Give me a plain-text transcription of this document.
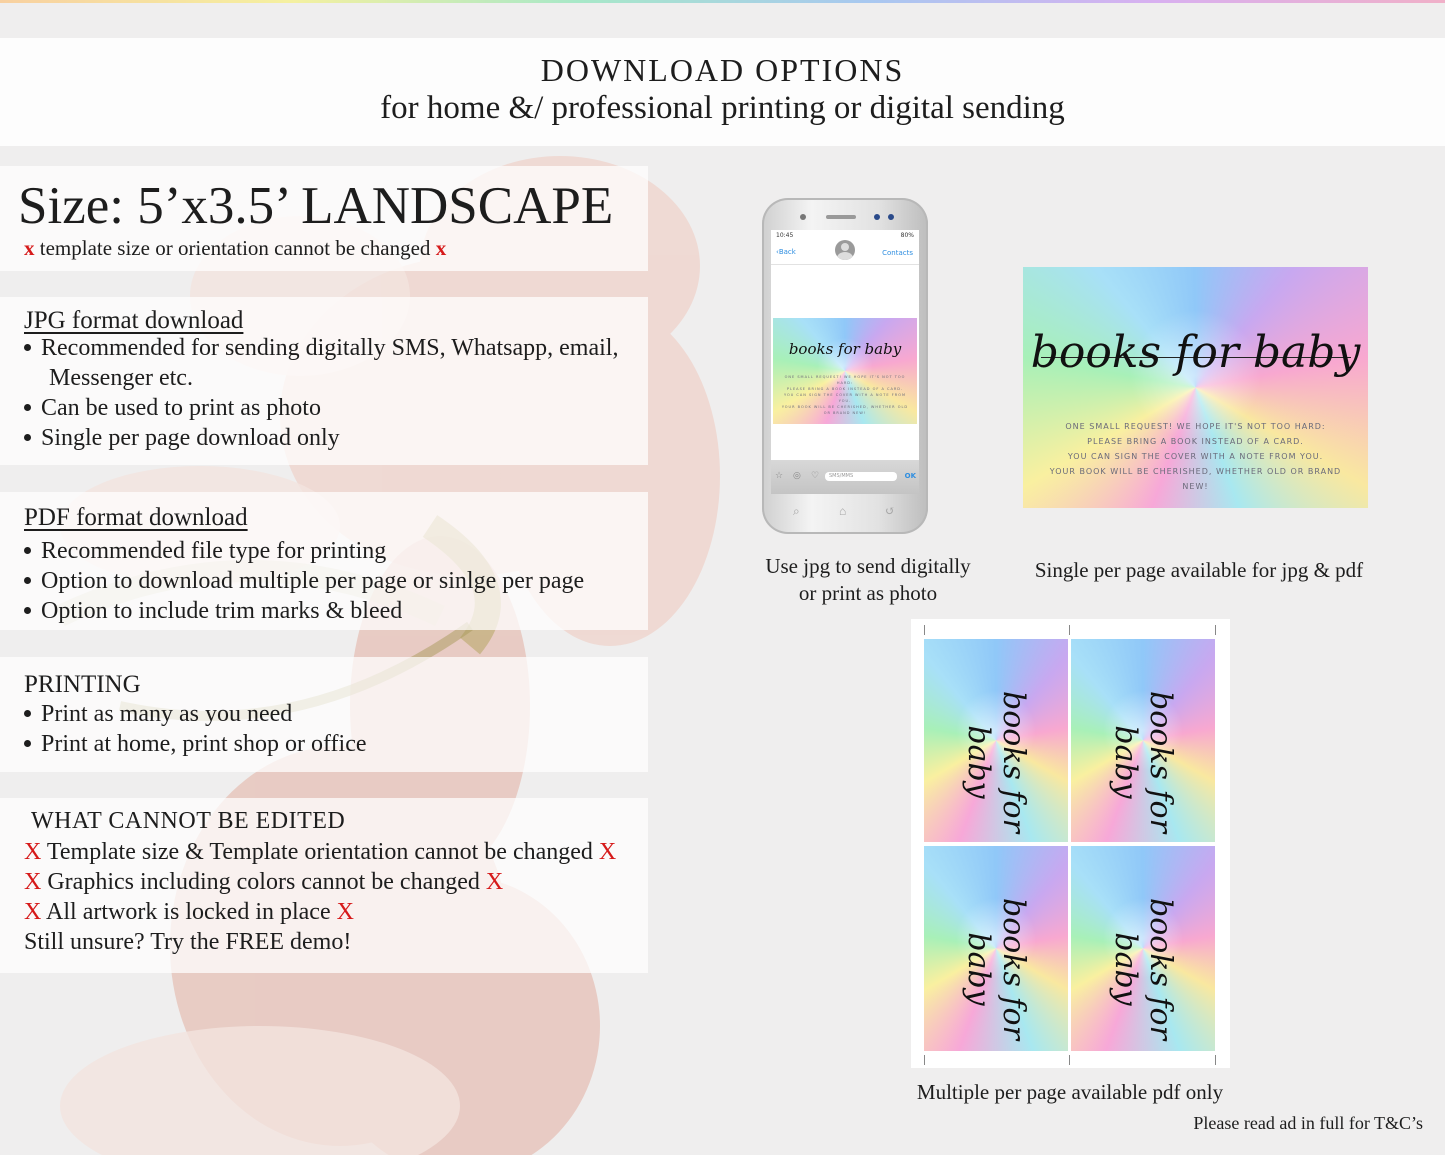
DOWNLOAD OPTIONS
for home &/ professional printing or digital sending
Size: 5’x3.5’ LANDSCAPE
x template size or orientation cannot be changed x
JPG format download
Recommended for sending digitally SMS, Whatsapp, email,
Messenger etc.
Can be used to print as photo
Single per page download only
PDF format download
Recommended file type for printing
Option to download multiple per page or sinlge per page
Option to include trim marks & bleed
PRINTING
Print as many as you need
Print at home, print shop or office
WHAT CANNOT BE EDITED
X Template size & Template orientation cannot be changed X
X Graphics including colors cannot be changed X
X All artwork is locked in place X
Still unsure? Try the FREE demo!
10:45	80%
‹Back	Contacts
books for baby
ONE SMALL REQUEST! WE HOPE IT'S NOT TOO HARD:
PLEASE BRING A BOOK INSTEAD OF A CARD.
YOU CAN SIGN THE COVER WITH A NOTE FROM YOU.
YOUR BOOK WILL BE CHERISHED, WHETHER OLD OR BRAND NEW!
☆ ◎ ♡	SMS/MMS	OK
⌕	⌂	↺
Use jpg to send digitally
or print as photo
books for baby
ONE SMALL REQUEST! WE HOPE IT'S NOT TOO HARD:
PLEASE BRING A BOOK INSTEAD OF A CARD.
YOU CAN SIGN THE COVER WITH A NOTE FROM YOU.
YOUR BOOK WILL BE CHERISHED, WHETHER OLD OR BRAND NEW!
Single per page available for jpg & pdf
books for baby	books for baby
books for baby	books for baby
Multiple per page available pdf only
Please read ad in full for T&C’s
